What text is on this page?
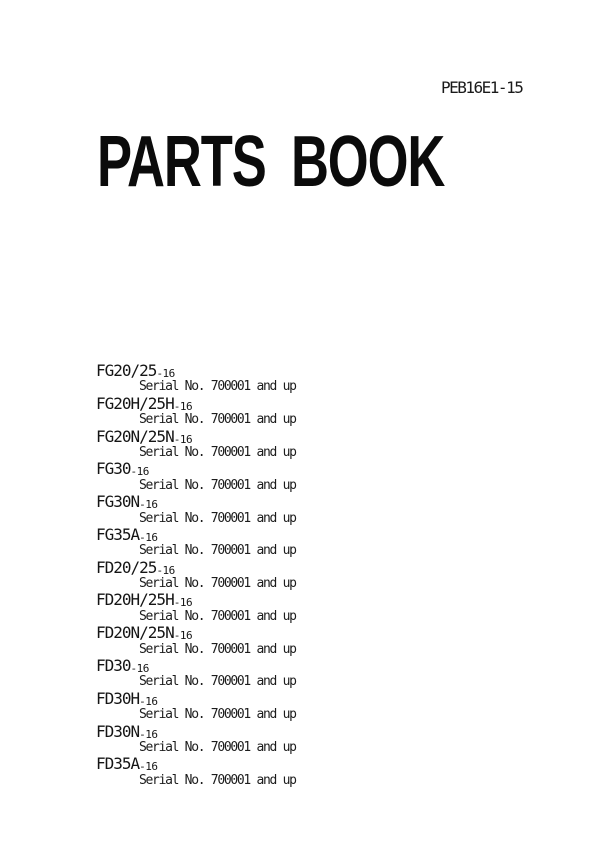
PEB16E1-15
PARTS BOOK
FG20/25-16
Serial No. 700001 and up
FG20H/25H-16
Serial No. 700001 and up
FG20N/25N-16
Serial No. 700001 and up
FG30-16
Serial No. 700001 and up
FG30N-16
Serial No. 700001 and up
FG35A-16
Serial No. 700001 and up
FD20/25-16
Serial No. 700001 and up
FD20H/25H-16
Serial No. 700001 and up
FD20N/25N-16
Serial No. 700001 and up
FD30-16
Serial No. 700001 and up
FD30H-16
Serial No. 700001 and up
FD30N-16
Serial No. 700001 and up
FD35A-16
Serial No. 700001 and up
